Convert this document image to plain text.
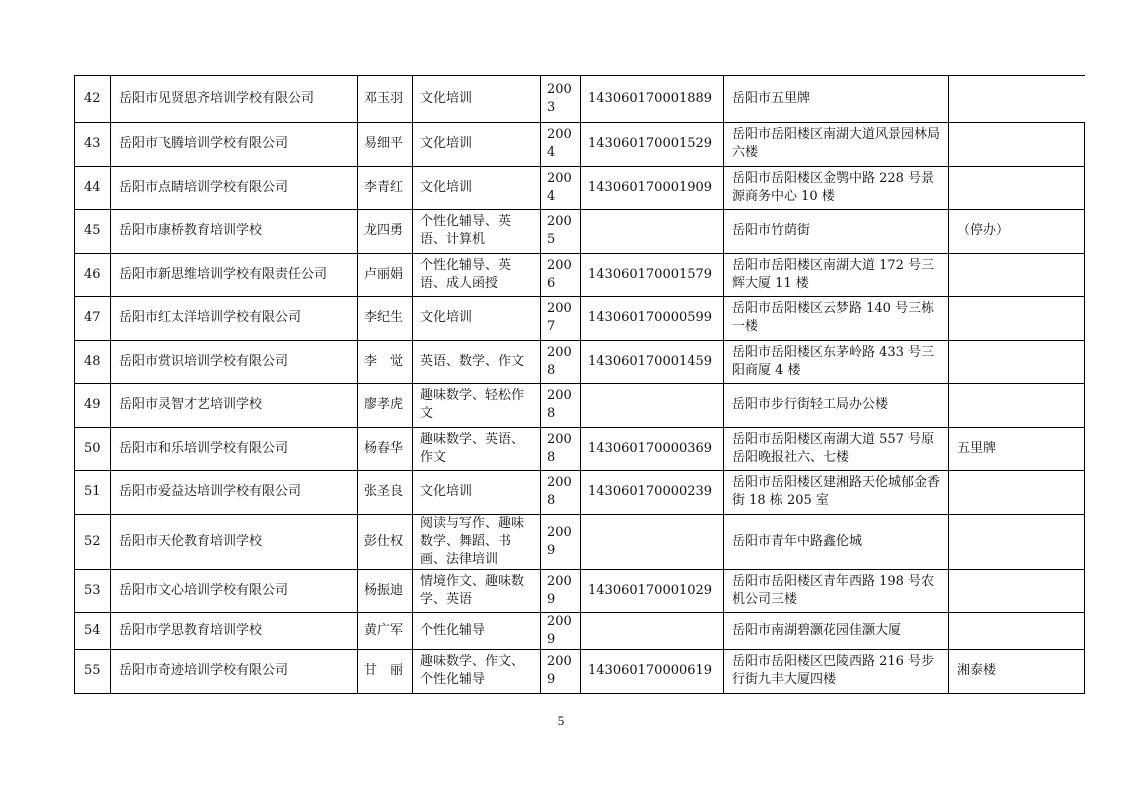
42	岳阳市见贤思齐培训学校有限公司	邓玉羽	文化培训	2003	143060170001889	岳阳市五里牌	
43	岳阳市飞腾培训学校有限公司	易细平	文化培训	2004	143060170001529	岳阳市岳阳楼区南湖大道风景园林局六楼	
44	岳阳市点睛培训学校有限公司	李青红	文化培训	2004	143060170001909	岳阳市岳阳楼区金鹗中路 228 号景源商务中心 10 楼	
45	岳阳市康桥教育培训学校	龙四勇	个性化辅导、英语、计算机	2005		岳阳市竹荫街	（停办）
46	岳阳市新思维培训学校有限责任公司	卢丽娟	个性化辅导、英语、成人函授	2006	143060170001579	岳阳市岳阳楼区南湖大道 172 号三辉大厦 11 楼	
47	岳阳市红太洋培训学校有限公司	李纪生	文化培训	2007	143060170000599	岳阳市岳阳楼区云梦路 140 号三栋一楼	
48	岳阳市赏识培训学校有限公司	李　觉	英语、数学、作文	2008	143060170001459	岳阳市岳阳楼区东茅岭路 433 号三阳商厦 4 楼	
49	岳阳市灵智才艺培训学校	廖孝虎	趣味数学、轻松作文	2008		岳阳市步行街轻工局办公楼	
50	岳阳市和乐培训学校有限公司	杨春华	趣味数学、英语、作文	2008	143060170000369	岳阳市岳阳楼区南湖大道 557 号原岳阳晚报社六、七楼	五里牌
51	岳阳市爱益达培训学校有限公司	张圣良	文化培训	2008	143060170000239	岳阳市岳阳楼区建湘路天伦城郁金香街 18 栋 205 室	
52	岳阳市天伦教育培训学校	彭仕权	阅读与写作、趣味数学、舞蹈、书画、法律培训	2009		岳阳市青年中路鑫伦城	
53	岳阳市文心培训学校有限公司	杨振迪	情境作文、趣味数学、英语	2009	143060170001029	岳阳市岳阳楼区青年西路 198 号农机公司三楼	
54	岳阳市学思教育培训学校	黄广军	个性化辅导	2009		岳阳市南湖碧灏花园佳灏大厦	
55	岳阳市奇迹培训学校有限公司	甘　丽	趣味数学、作文、个性化辅导	2009	143060170000619	岳阳市岳阳楼区巴陵西路 216 号步行街九丰大厦四楼	湘泰楼
5
